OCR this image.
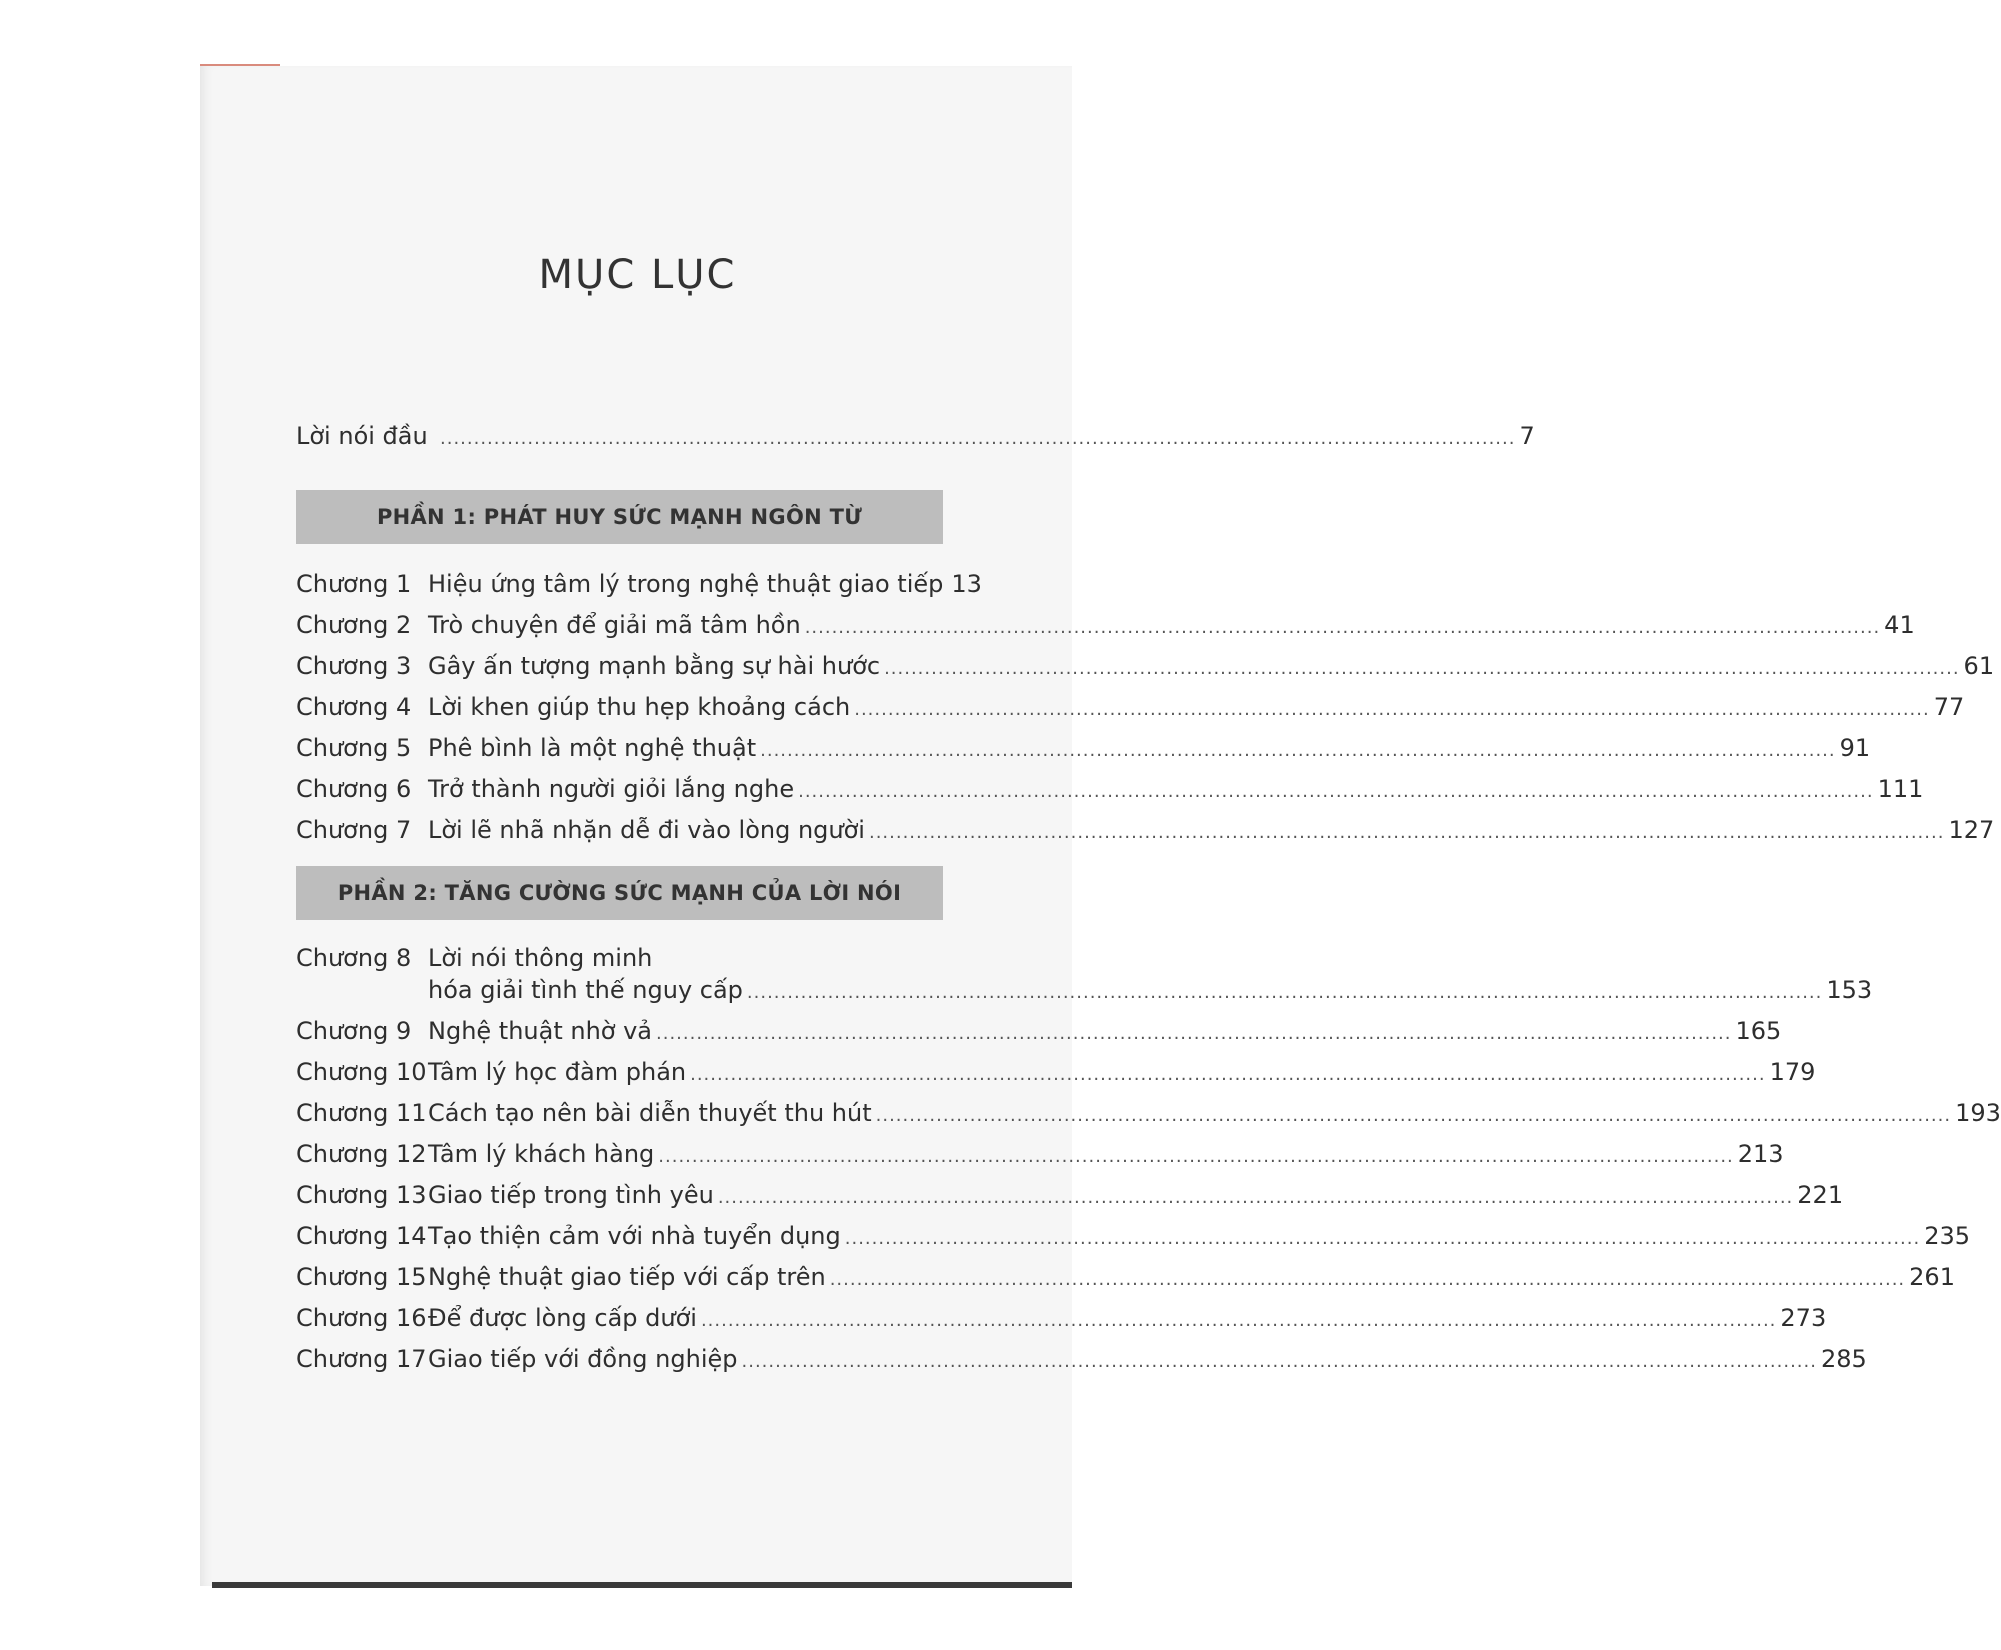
MỤC LỤC
Lời nói đầu ................................................................................................................................................................ 7
PHẦN 1: PHÁT HUY SỨC MẠNH NGÔN TỪ
Chương 1 Hiệu ứng tâm lý trong nghệ thuật giao tiếp 13
Chương 2 Trò chuyện để giải mã tâm hồn ................................................................................................................................................................ 41
Chương 3 Gây ấn tượng mạnh bằng sự hài hước ................................................................................................................................................................ 61
Chương 4 Lời khen giúp thu hẹp khoảng cách ................................................................................................................................................................ 77
Chương 5 Phê bình là một nghệ thuật ................................................................................................................................................................ 91
Chương 6 Trở thành người giỏi lắng nghe ................................................................................................................................................................ 111
Chương 7 Lời lẽ nhã nhặn dễ đi vào lòng người ................................................................................................................................................................ 127
PHẦN 2: TĂNG CƯỜNG SỨC MẠNH CỦA LỜI NÓI
Chương 8 Lời nói thông minh
hóa giải tình thế nguy cấp ................................................................................................................................................................ 153
Chương 9 Nghệ thuật nhờ vả ................................................................................................................................................................ 165
Chương 10 Tâm lý học đàm phán ................................................................................................................................................................ 179
Chương 11 Cách tạo nên bài diễn thuyết thu hút ................................................................................................................................................................ 193
Chương 12 Tâm lý khách hàng ................................................................................................................................................................ 213
Chương 13 Giao tiếp trong tình yêu ................................................................................................................................................................ 221
Chương 14 Tạo thiện cảm với nhà tuyển dụng ................................................................................................................................................................ 235
Chương 15 Nghệ thuật giao tiếp với cấp trên ................................................................................................................................................................ 261
Chương 16 Để được lòng cấp dưới ................................................................................................................................................................ 273
Chương 17 Giao tiếp với đồng nghiệp ................................................................................................................................................................ 285
